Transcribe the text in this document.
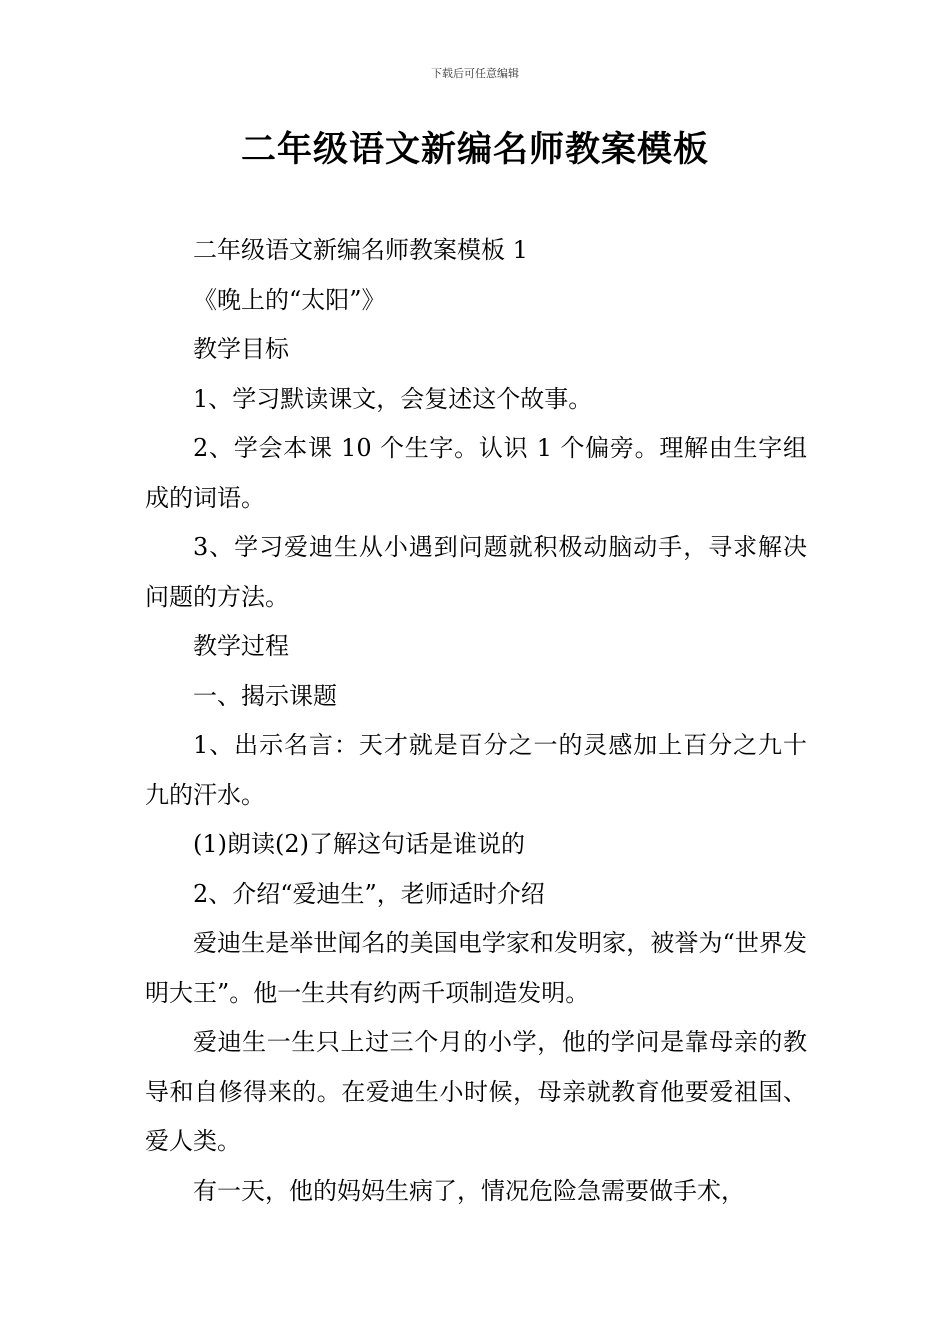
下载后可任意编辑
二年级语文新编名师教案模板

二年级语文新编名师教案模板 1

《晚上的“太阳”》

教学目标

1、学习默读课文，会复述这个故事。

2、学会本课 10 个生字。认识 1 个偏旁。理解由生字组成的词语。

3、学习爱迪生从小遇到问题就积极动脑动手，寻求解决问题的方法。

教学过程

一、揭示课题

1、出示名言：天才就是百分之一的灵感加上百分之九十九的汗水。

(1)朗读(2)了解这句话是谁说的

2、介绍“爱迪生”，老师适时介绍

爱迪生是举世闻名的美国电学家和发明家，被誉为“世界发明大王”。他一生共有约两千项制造发明。

爱迪生一生只上过三个月的小学，他的学问是靠母亲的教导和自修得来的。在爱迪生小时候，母亲就教育他要爱祖国、爱人类。

有一天，他的妈妈生病了，情况危险急需要做手术，
